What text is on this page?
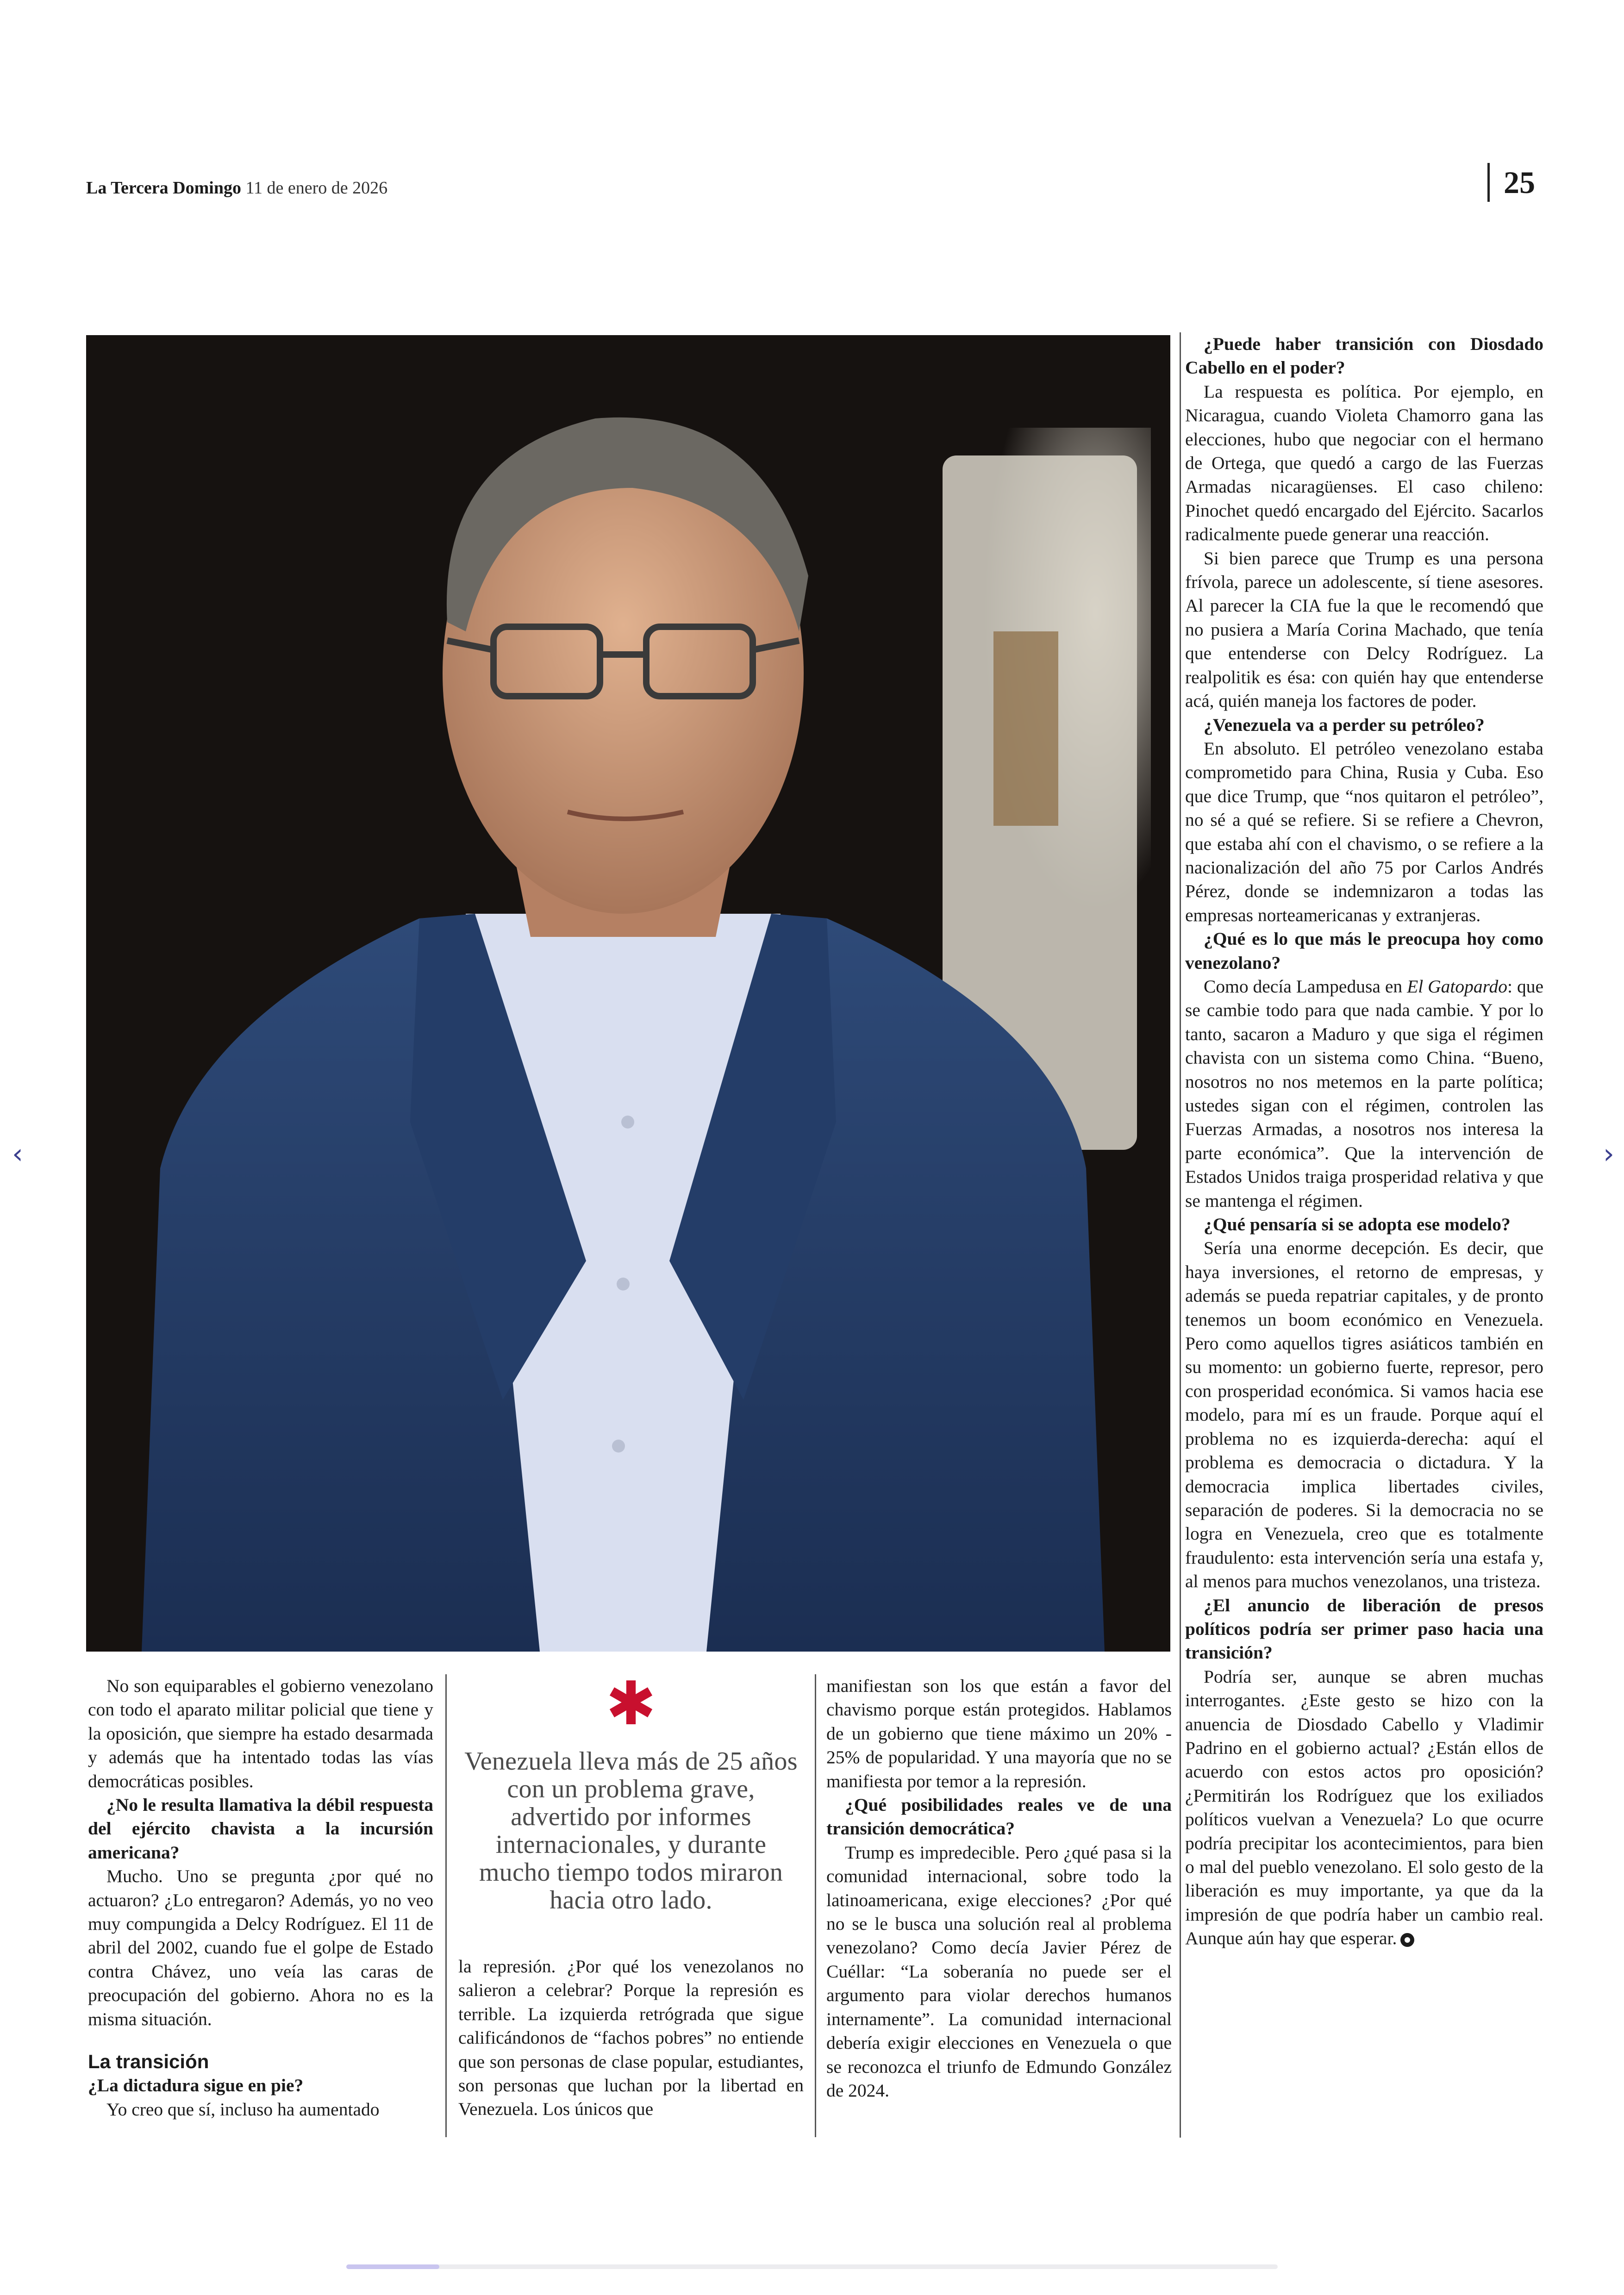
La Tercera Domingo 11 de enero de 2026	25

No son equiparables el gobierno venezolano con todo el aparato militar policial que tiene y la oposición, que siempre ha estado desarmada y además que ha intentado todas las vías democráticas posibles.

¿No le resulta llamativa la débil respuesta del ejército chavista a la incursión americana?

Mucho. Uno se pregunta ¿por qué no actuaron? ¿Lo entregaron? Además, yo no veo muy compungida a Delcy Rodríguez. El 11 de abril del 2002, cuando fue el golpe de Estado contra Chávez, uno veía las caras de preocupación del gobierno. Ahora no es la misma situación.

La transición

¿La dictadura sigue en pie?

Yo creo que sí, incluso ha aumentado

✱
Venezuela lleva más de 25 años con un problema grave, advertido por informes internacionales, y durante mucho tiempo todos miraron hacia otro lado.

la represión. ¿Por qué los venezolanos no salieron a celebrar? Porque la represión es terrible. La izquierda retrógrada que sigue calificándonos de “fachos pobres” no entiende que son personas de clase popular, estudiantes, son personas que luchan por la libertad en Venezuela. Los únicos que

manifiestan son los que están a favor del chavismo porque están protegidos. Hablamos de un gobierno que tiene máximo un 20% - 25% de popularidad. Y una mayoría que no se manifiesta por temor a la represión.

¿Qué posibilidades reales ve de una transición democrática?

Trump es impredecible. Pero ¿qué pasa si la comunidad internacional, sobre todo la latinoamericana, exige elecciones? ¿Por qué no se le busca una solución real al problema venezolano? Como decía Javier Pérez de Cuéllar: “La soberanía no puede ser el argumento para violar derechos humanos internamente”. La comunidad internacional debería exigir elecciones en Venezuela o que se reconozca el triunfo de Edmundo González de 2024.

¿Puede haber transición con Diosdado Cabello en el poder?

La respuesta es política. Por ejemplo, en Nicaragua, cuando Violeta Chamorro gana las elecciones, hubo que negociar con el hermano de Ortega, que quedó a cargo de las Fuerzas Armadas nicaragüenses. El caso chileno: Pinochet quedó encargado del Ejército. Sacarlos radicalmente puede generar una reacción.

Si bien parece que Trump es una persona frívola, parece un adolescente, sí tiene asesores. Al parecer la CIA fue la que le recomendó que no pusiera a María Corina Machado, que tenía que entenderse con Delcy Rodríguez. La realpolitik es ésa: con quién hay que entenderse acá, quién maneja los factores de poder.

¿Venezuela va a perder su petróleo?

En absoluto. El petróleo venezolano estaba comprometido para China, Rusia y Cuba. Eso que dice Trump, que “nos quitaron el petróleo”, no sé a qué se refiere. Si se refiere a Chevron, que estaba ahí con el chavismo, o se refiere a la nacionalización del año 75 por Carlos Andrés Pérez, donde se indemnizaron a todas las empresas norteamericanas y extranjeras.

¿Qué es lo que más le preocupa hoy como venezolano?

Como decía Lampedusa en El Gatopardo: que se cambie todo para que nada cambie. Y por lo tanto, sacaron a Maduro y que siga el régimen chavista con un sistema como China. “Bueno, nosotros no nos metemos en la parte política; ustedes sigan con el régimen, controlen las Fuerzas Armadas, a nosotros nos interesa la parte económica”. Que la intervención de Estados Unidos traiga prosperidad relativa y que se mantenga el régimen.

¿Qué pensaría si se adopta ese modelo?

Sería una enorme decepción. Es decir, que haya inversiones, el retorno de empresas, y además se pueda repatriar capitales, y de pronto tenemos un boom económico en Venezuela. Pero como aquellos tigres asiáticos también en su momento: un gobierno fuerte, represor, pero con prosperidad económica. Si vamos hacia ese modelo, para mí es un fraude. Porque aquí el problema no es izquierda-derecha: aquí el problema es democracia o dictadura. Y la democracia implica libertades civiles, separación de poderes. Si la democracia no se logra en Venezuela, creo que es totalmente fraudulento: esta intervención sería una estafa y, al menos para muchos venezolanos, una tristeza.

¿El anuncio de liberación de presos políticos podría ser primer paso hacia una transición?

Podría ser, aunque se abren muchas interrogantes. ¿Este gesto se hizo con la anuencia de Diosdado Cabello y Vladimir Padrino en el gobierno actual? ¿Están ellos de acuerdo con estos actos pro oposición? ¿Permitirán los Rodríguez que los exiliados políticos vuelvan a Venezuela? Lo que ocurre podría precipitar los acontecimientos, para bien o mal del pueblo venezolano. El solo gesto de la liberación es muy importante, ya que da la impresión de que podría haber un cambio real. Aunque aún hay que esperar.

‹	›
